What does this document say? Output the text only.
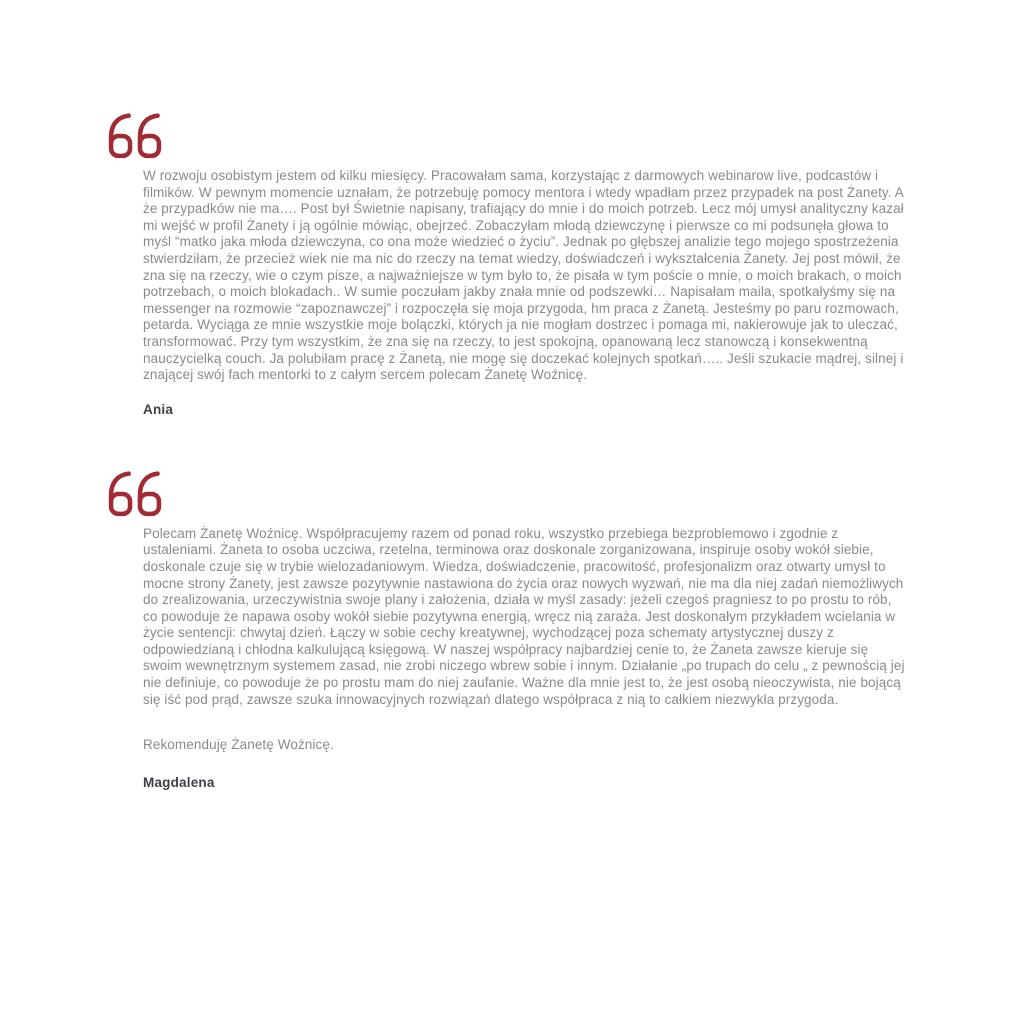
W rozwoju osobistym jestem od kilku miesięcy. Pracowałam sama, korzystając z darmowych webinarow live, podcastów i filmików. W pewnym momencie uznałam, że potrzebuję pomocy mentora i wtedy wpadłam przez przypadek na post Żanety. A że przypadków nie ma…. Post był Świetnie napisany, trafiający do mnie i do moich potrzeb. Lecz mój umysł analityczny kazał mi wejść w profil Żanety i ją ogólnie mówiąc, obejrzeć. Zobaczyłam młodą dziewczynę i pierwsze co mi podsunęła głowa to myśl “matko jaka młoda dziewczyna, co ona może wiedzieć o życiu”. Jednak po głębszej analizie tego mojego spostrzeżenia stwierdziłam, że przecież wiek nie ma nic do rzeczy na temat wiedzy, doświadczeń i wykształcenia Żanety. Jej post mówił, że zna się na rzeczy, wie o czym pisze, a najważniejsze w tym było to, że pisała w tym poście o mnie, o moich brakach, o moich potrzebach, o moich blokadach.. W sumie poczułam jakby znała mnie od podszewki… Napisałam maila, spotkałyśmy się na messenger na rozmowie “zapoznawczej” i rozpoczęła się moja przygoda, hm praca z Żanetą. Jesteśmy po paru rozmowach, petarda. Wyciąga ze mnie wszystkie moje bolączki, których ja nie mogłam dostrzec i pomaga mi, nakierowuje jak to uleczać, transformować. Przy tym wszystkim, że zna się na rzeczy, to jest spokojną, opanowaną lecz stanowczą i konsekwentną nauczycielką couch. Ja polubiłam pracę z Żanetą, nie mogę się doczekać kolejnych spotkań….. Jeśli szukacie mądrej, silnej i znającej swój fach mentorki to z całym sercem polecam Żanetę Woźnicę.

Ania

Polecam Żanetę Woźnicę. Współpracujemy razem od ponad roku, wszystko przebiega bezproblemowo i zgodnie z ustaleniami. Żaneta to osoba uczciwa, rzetelna, terminowa oraz doskonale zorganizowana, inspiruje osoby wokół siebie, doskonale czuje się w trybie wielozadaniowym. Wiedza, doświadczenie, pracowitość, profesjonalizm oraz otwarty umysł to mocne strony Żanety, jest zawsze pozytywnie nastawiona do życia oraz nowych wyzwań, nie ma dla niej zadań niemożliwych do zrealizowania, urzeczywistnia swoje plany i założenia, działa w myśl zasady: jeżeli czegoś pragniesz to po prostu to rób, co powoduje że napawa osoby wokół siebie pozytywna energią, wręcz nią zaraża. Jest doskonałym przykładem wcielania w życie sentencji: chwytaj dzień. Łączy w sobie cechy kreatywnej, wychodzącej poza schematy artystycznej duszy z odpowiedzianą i chłodna kalkulującą księgową. W naszej współpracy najbardziej cenie to, że Żaneta zawsze kieruje się swoim wewnętrznym systemem zasad, nie zrobi niczego wbrew sobie i innym. Działanie „po trupach do celu „ z pewnością jej nie definiuje, co powoduje że po prostu mam do niej zaufanie. Ważne dla mnie jest to, że jest osobą nieoczywista, nie bojącą się iść pod prąd, zawsze szuka innowacyjnych rozwiązań dlatego współpraca z nią to całkiem niezwykła przygoda.

Rekomenduję Żanetę Woźnicę.

Magdalena
